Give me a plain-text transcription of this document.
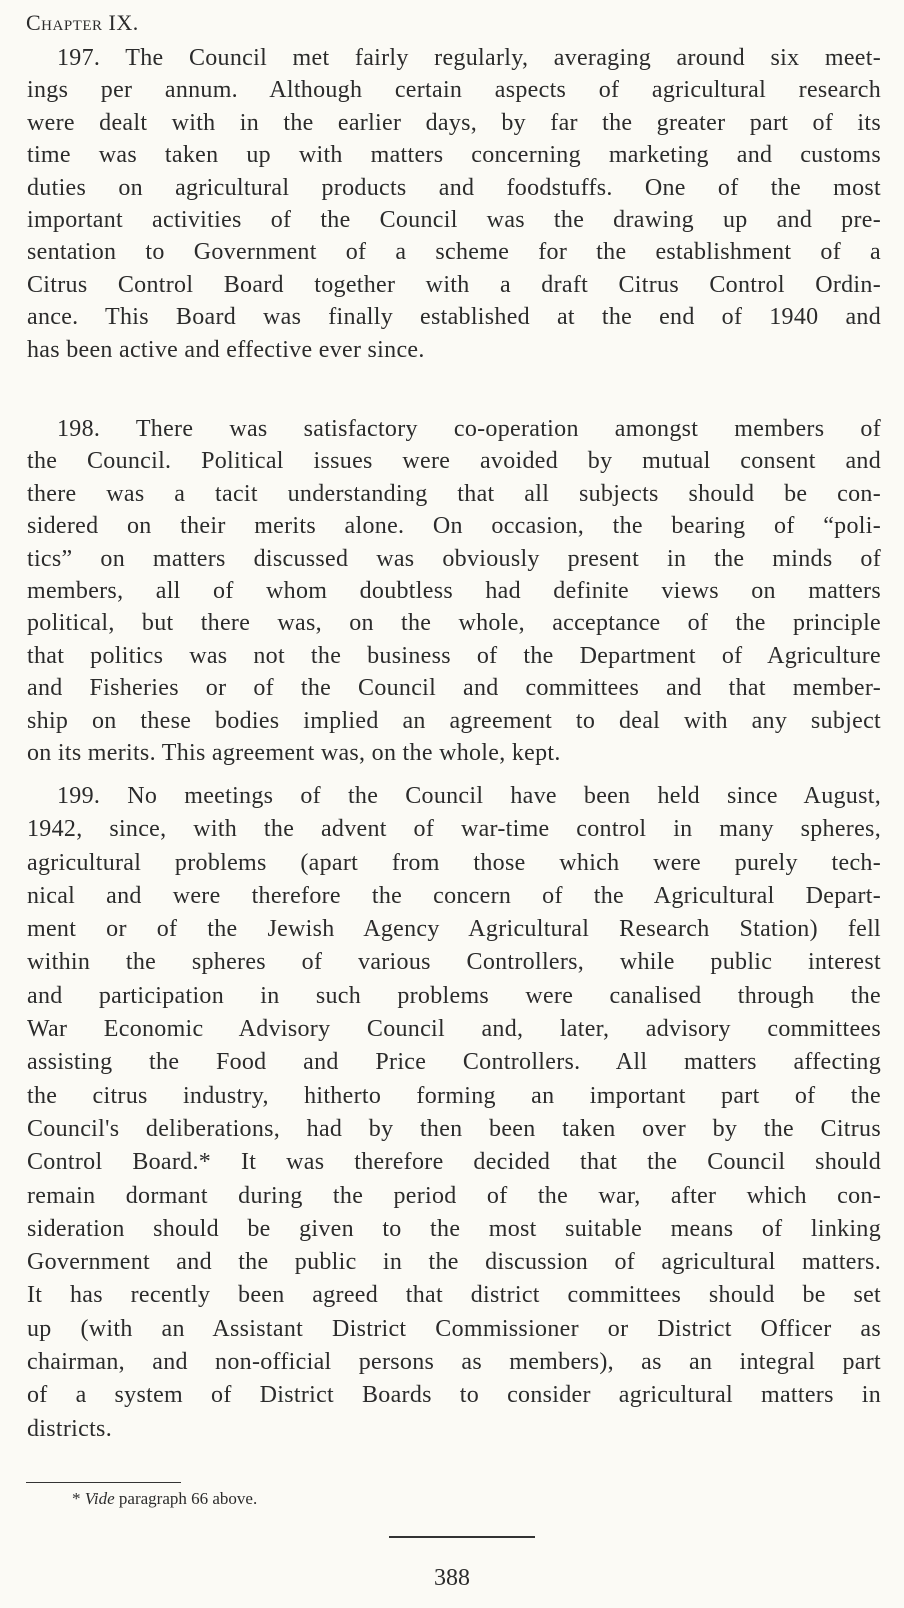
Chapter IX.
197. The Council met fairly regularly, averaging around six meet-
ings per annum. Although certain aspects of agricultural research
were dealt with in the earlier days, by far the greater part of its
time was taken up with matters concerning marketing and customs
duties on agricultural products and foodstuffs. One of the most
important activities of the Council was the drawing up and pre-
sentation to Government of a scheme for the establishment of a
Citrus Control Board together with a draft Citrus Control Ordin-
ance. This Board was finally established at the end of 1940 and
has been active and effective ever since.
198. There was satisfactory co-operation amongst members of
the Council. Political issues were avoided by mutual consent and
there was a tacit understanding that all subjects should be con-
sidered on their merits alone. On occasion, the bearing of “poli-
tics” on matters discussed was obviously present in the minds of
members, all of whom doubtless had definite views on matters
political, but there was, on the whole, acceptance of the principle
that politics was not the business of the Department of Agriculture
and Fisheries or of the Council and committees and that member-
ship on these bodies implied an agreement to deal with any subject
on its merits. This agreement was, on the whole, kept.
199. No meetings of the Council have been held since August,
1942, since, with the advent of war-time control in many spheres,
agricultural problems (apart from those which were purely tech-
nical and were therefore the concern of the Agricultural Depart-
ment or of the Jewish Agency Agricultural Research Station) fell
within the spheres of various Controllers, while public interest
and participation in such problems were canalised through the
War Economic Advisory Council and, later, advisory committees
assisting the Food and Price Controllers. All matters affecting
the citrus industry, hitherto forming an important part of the
Council's deliberations, had by then been taken over by the Citrus
Control Board.* It was therefore decided that the Council should
remain dormant during the period of the war, after which con-
sideration should be given to the most suitable means of linking
Government and the public in the discussion of agricultural matters.
It has recently been agreed that district committees should be set
up (with an Assistant District Commissioner or District Officer as
chairman, and non-official persons as members), as an integral part
of a system of District Boards to consider agricultural matters in
districts.
* Vide paragraph 66 above.
388
